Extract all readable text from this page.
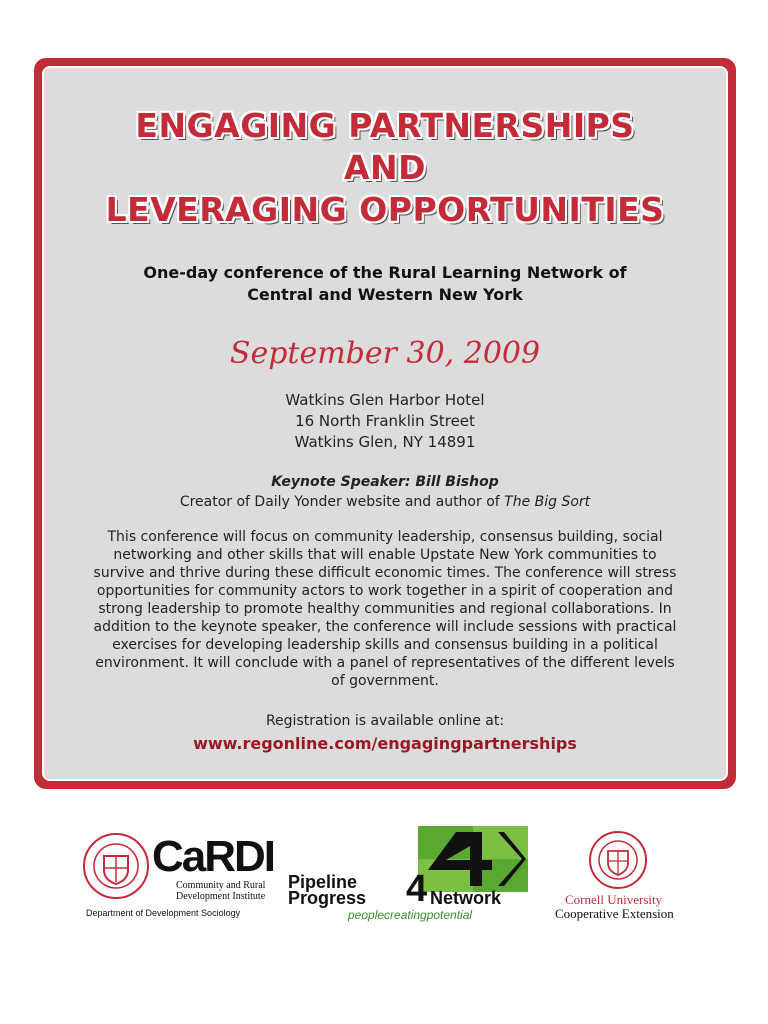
ENGAGING PARTNERSHIPS
AND
LEVERAGING OPPORTUNITIES
One-day conference of the Rural Learning Network of
Central and Western New York
September 30, 2009
Watkins Glen Harbor Hotel
16 North Franklin Street
Watkins Glen, NY 14891
Keynote Speaker: Bill Bishop
Creator of Daily Yonder website and author of The Big Sort
This conference will focus on community leadership, consensus building, social networking and other skills that will enable Upstate New York communities to survive and thrive during these difficult economic times. The conference will stress opportunities for community actors to work together in a spirit of cooperation and strong leadership to promote healthy communities and regional collaborations. In addition to the keynote speaker, the conference will include sessions with practical exercises for developing leadership skills and consensus building in a political environment. It will conclude with a panel of representatives of the different levels of government.
Registration is available online at:
www.regonline.com/engagingpartnerships
CaRDI
Community and Rural
Development Institute
Department of Development Sociology
Pipeline
Progress 4 Network
peoplecreatingpotential
Cornell University
Cooperative Extension
